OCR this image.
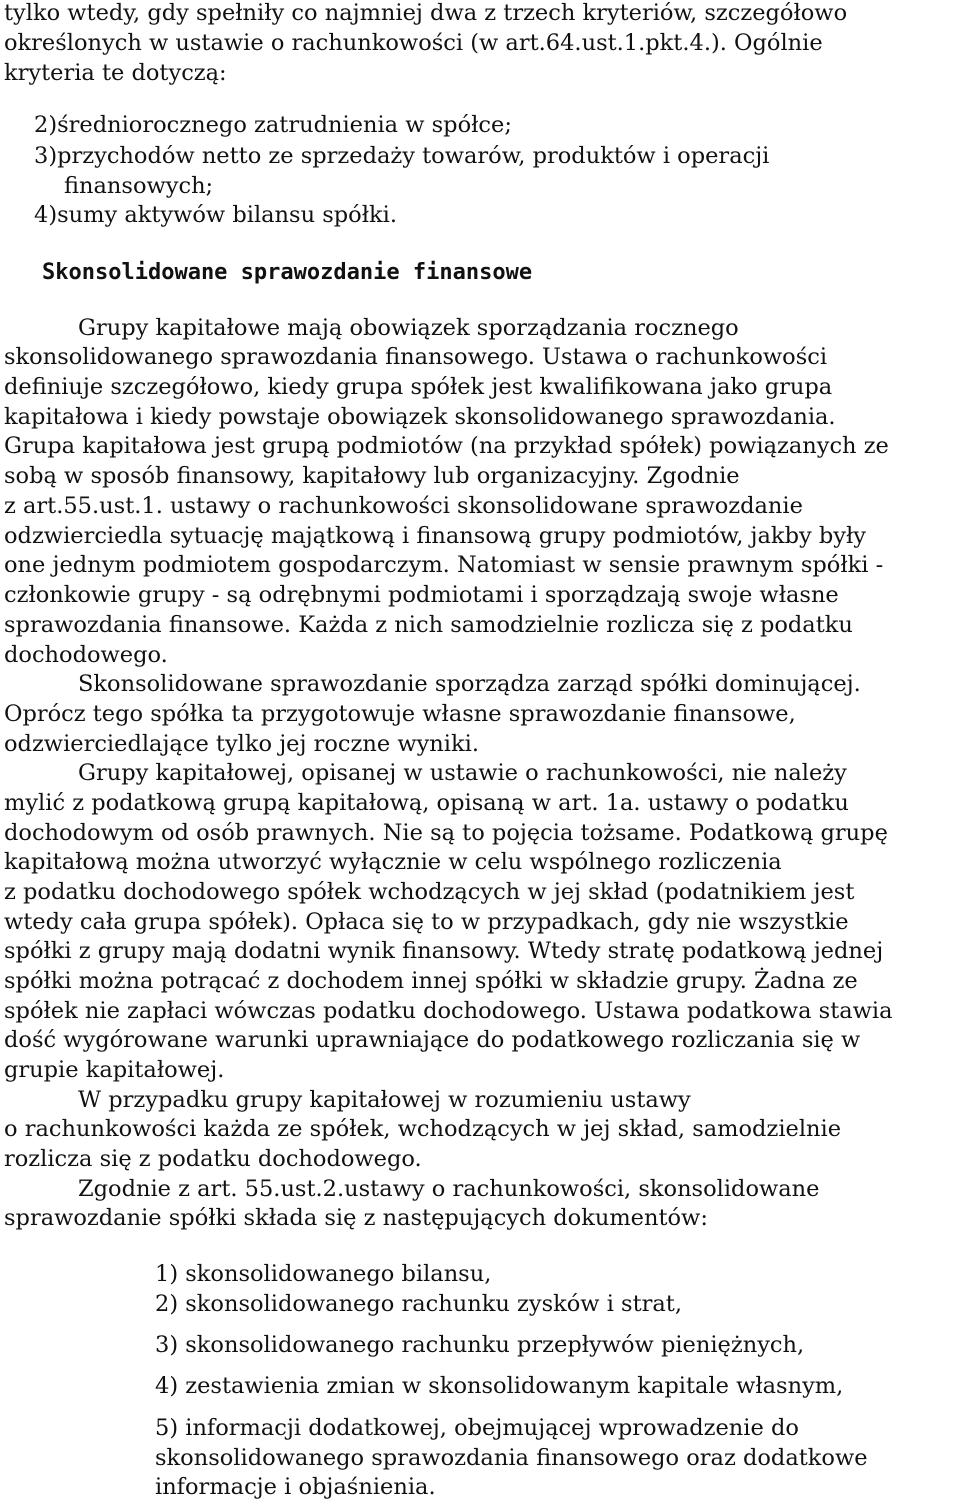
tylko wtedy, gdy spełniły co najmniej dwa z trzech kryteriów, szczegółowo
określonych w ustawie o rachunkowości (w art.64.ust.1.pkt.4.). Ogólnie
kryteria te dotyczą:
2)średniorocznego zatrudnienia w spółce;
3)przychodów netto ze sprzedaży towarów, produktów i operacji
finansowych;
4)sumy aktywów bilansu spółki.
Skonsolidowane sprawozdanie finansowe
Grupy kapitałowe mają obowiązek sporządzania rocznego
skonsolidowanego sprawozdania finansowego. Ustawa o rachunkowości
definiuje szczegółowo, kiedy grupa spółek jest kwalifikowana jako grupa
kapitałowa i kiedy powstaje obowiązek skonsolidowanego sprawozdania.
Grupa kapitałowa jest grupą podmiotów (na przykład spółek) powiązanych ze
sobą w sposób finansowy, kapitałowy lub organizacyjny. Zgodnie
z art.55.ust.1. ustawy o rachunkowości skonsolidowane sprawozdanie
odzwierciedla sytuację majątkową i finansową grupy podmiotów, jakby były
one jednym podmiotem gospodarczym. Natomiast w sensie prawnym spółki -
członkowie grupy - są odrębnymi podmiotami i sporządzają swoje własne
sprawozdania finansowe. Każda z nich samodzielnie rozlicza się z podatku
dochodowego.
Skonsolidowane sprawozdanie sporządza zarząd spółki dominującej.
Oprócz tego spółka ta przygotowuje własne sprawozdanie finansowe,
odzwierciedlające tylko jej roczne wyniki.
Grupy kapitałowej, opisanej w ustawie o rachunkowości, nie należy
mylić z podatkową grupą kapitałową, opisaną w art. 1a. ustawy o podatku
dochodowym od osób prawnych. Nie są to pojęcia tożsame. Podatkową grupę
kapitałową można utworzyć wyłącznie w celu wspólnego rozliczenia
z podatku dochodowego spółek wchodzących w jej skład (podatnikiem jest
wtedy cała grupa spółek). Opłaca się to w przypadkach, gdy nie wszystkie
spółki z grupy mają dodatni wynik finansowy. Wtedy stratę podatkową jednej
spółki można potrącać z dochodem innej spółki w składzie grupy. Żadna ze
spółek nie zapłaci wówczas podatku dochodowego. Ustawa podatkowa stawia
dość wygórowane warunki uprawniające do podatkowego rozliczania się w
grupie kapitałowej.
W przypadku grupy kapitałowej w rozumieniu ustawy
o rachunkowości każda ze spółek, wchodzących w jej skład, samodzielnie
rozlicza się z podatku dochodowego.
Zgodnie z art. 55.ust.2.ustawy o rachunkowości, skonsolidowane
sprawozdanie spółki składa się z następujących dokumentów:
1) skonsolidowanego bilansu,
2) skonsolidowanego rachunku zysków i strat,
3) skonsolidowanego rachunku przepływów pieniężnych,
4) zestawienia zmian w skonsolidowanym kapitale własnym,
5) informacji dodatkowej, obejmującej wprowadzenie do
skonsolidowanego sprawozdania finansowego oraz dodatkowe
informacje i objaśnienia.
